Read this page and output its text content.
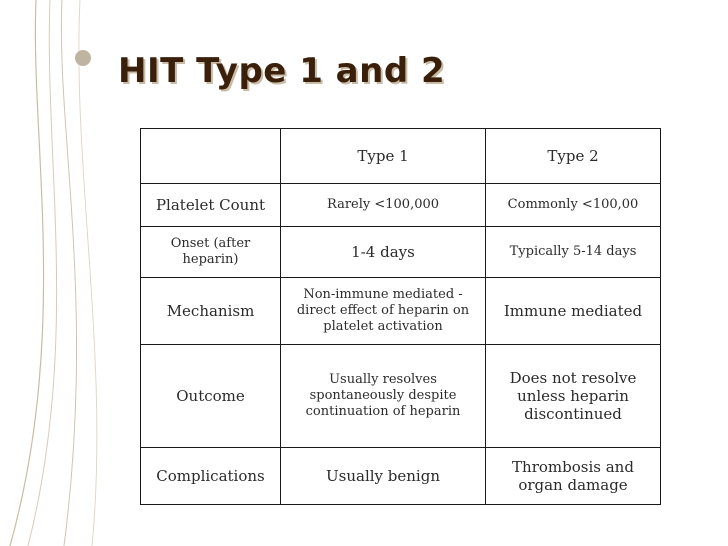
HIT Type 1 and 2
	Type 1	Type 2
Platelet Count	Rarely <100,000	Commonly <100,00
Onset (after heparin)	1-4 days	Typically 5-14 days
Mechanism	Non-immune mediated - direct effect of heparin on platelet activation	Immune mediated
Outcome	Usually resolves spontaneously despite continuation of heparin	Does not resolve unless heparin discontinued
Complications	Usually benign	Thrombosis and organ damage
